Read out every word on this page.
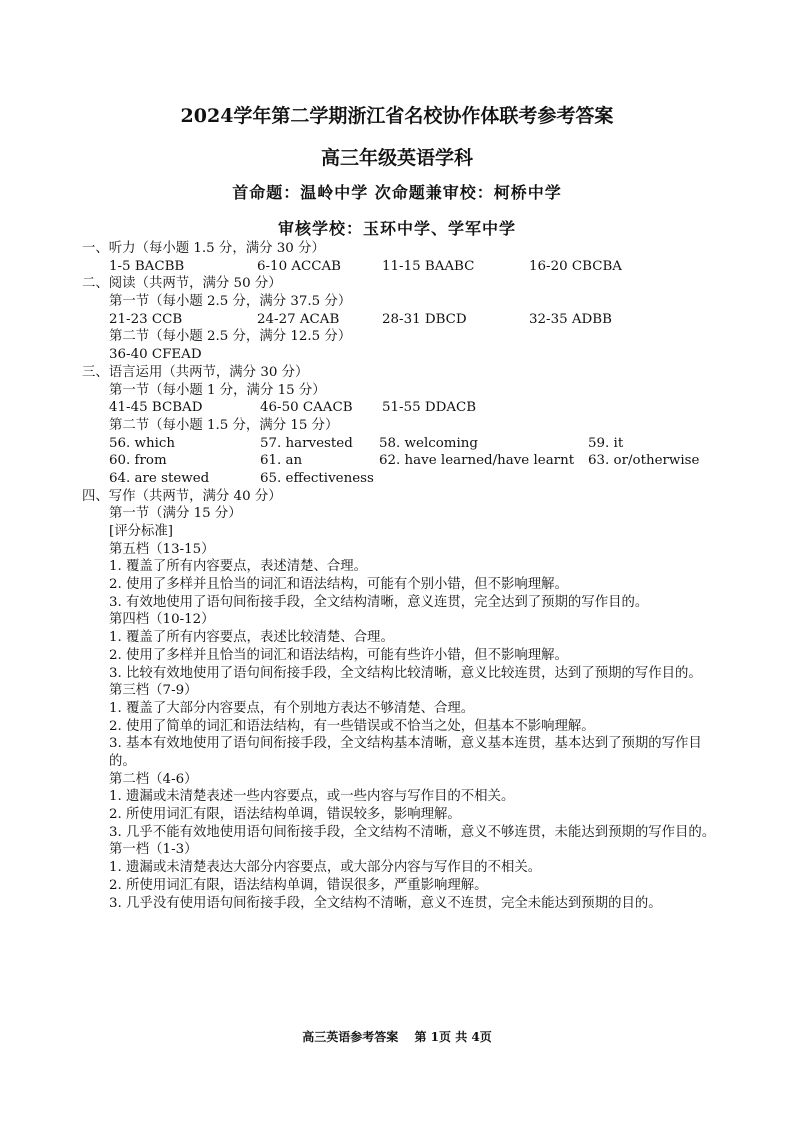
2024学年第二学期浙江省名校协作体联考参考答案
高三年级英语学科
首命题：温岭中学 次命题兼审校：柯桥中学
审核学校：玉环中学、学军中学
一、听力（每小题 1.5 分，满分 30 分）
1-5 BACBB	6-10 ACCAB	11-15 BAABC	16-20 CBCBA
二、阅读（共两节，满分 50 分）
第一节（每小题 2.5 分，满分 37.5 分）
21-23 CCB	24-27 ACAB	28-31 DBCD	32-35 ADBB
第二节（每小题 2.5 分，满分 12.5 分）
36-40 CFEAD
三、语言运用（共两节，满分 30 分）
第一节（每小题 1 分，满分 15 分）
41-45 BCBAD	46-50 CAACB 51-55 DDACB
第二节（每小题 1.5 分，满分 15 分）
56. which	57. harvested 58. welcoming	59. it
60. from	61. an	62. have learned/have learnt 63. or/otherwise
64. are stewed	65. effectiveness
四、写作（共两节，满分 40 分）
第一节（满分 15 分）
[评分标准]
第五档（13-15）
1. 覆盖了所有内容要点，表述清楚、合理。
2. 使用了多样并且恰当的词汇和语法结构，可能有个别小错，但不影响理解。
3. 有效地使用了语句间衔接手段，全文结构清晰，意义连贯，完全达到了预期的写作目的。
第四档（10-12）
1. 覆盖了所有内容要点，表述比较清楚、合理。
2. 使用了多样并且恰当的词汇和语法结构，可能有些许小错，但不影响理解。
3. 比较有效地使用了语句间衔接手段，全文结构比较清晰，意义比较连贯，达到了预期的写作目的。
第三档（7-9）
1. 覆盖了大部分内容要点，有个别地方表达不够清楚、合理。
2. 使用了简单的词汇和语法结构，有一些错误或不恰当之处，但基本不影响理解。
3. 基本有效地使用了语句间衔接手段，全文结构基本清晰，意义基本连贯，基本达到了预期的写作目的。
第二档（4-6）
1. 遗漏或未清楚表述一些内容要点，或一些内容与写作目的不相关。
2. 所使用词汇有限，语法结构单调，错误较多，影响理解。
3. 几乎不能有效地使用语句间衔接手段，全文结构不清晰，意义不够连贯，未能达到预期的写作目的。
第一档（1-3）
1. 遗漏或未清楚表达大部分内容要点，或大部分内容与写作目的不相关。
2. 所使用词汇有限，语法结构单调，错误很多，严重影响理解。
3. 几乎没有使用语句间衔接手段，全文结构不清晰，意义不连贯，完全未能达到预期的目的。
高三英语参考答案 第 1页 共 4页
